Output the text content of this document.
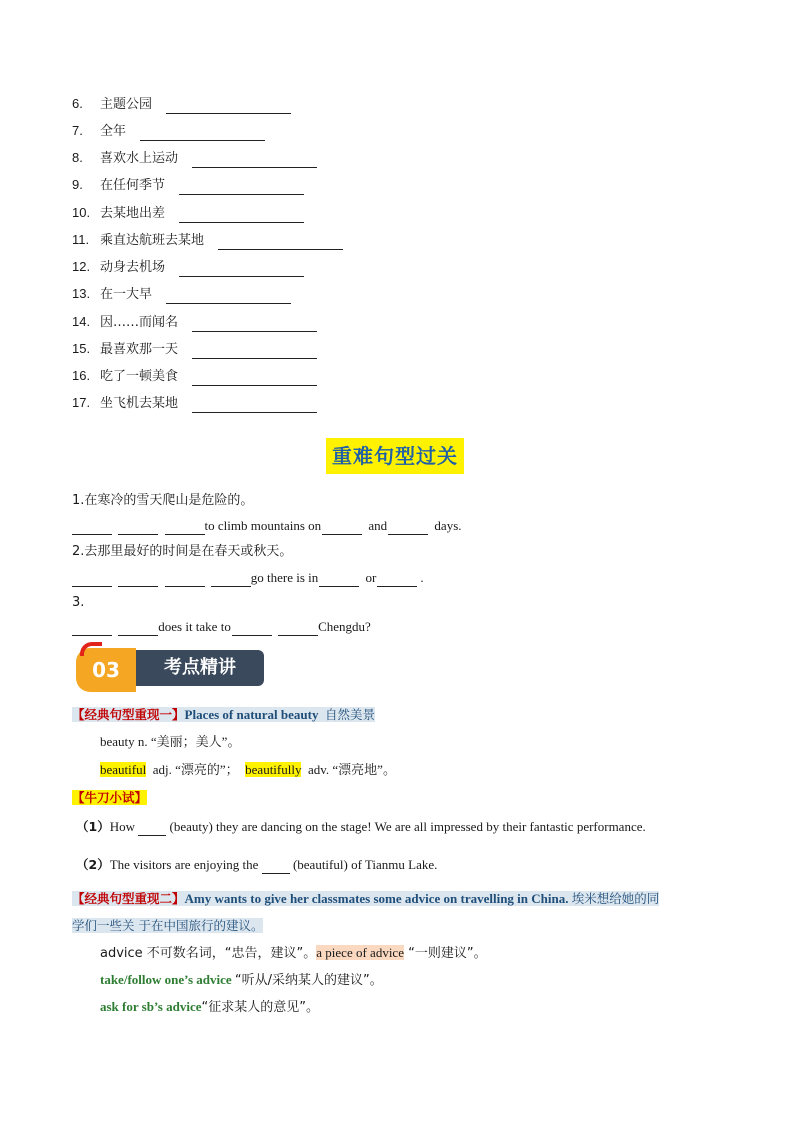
6. 主题公园
7. 全年
8. 喜欢水上运动
9. 在任何季节
10. 去某地出差
11. 乘直达航班去某地
12. 动身去机场
13. 在一大早
14. 因……而闻名
15. 最喜欢那一天
16. 吃了一顿美食
17. 坐飞机去某地
重难句型过关
1.在寒冷的雪天爬山是危险的。
to climb mountains on	and	days.
2.去那里最好的时间是在春天或秋天。
go there is in	or	.
3.
does it take to	Chengdu?
03	考点精讲
【经典句型重现一】Places of natural beauty 自然美景
beauty n. “美丽；美人”。
beautiful adj. “漂亮的”； beautifully adv. “漂亮地”。
【牛刀小试】
（1）How	(beauty) they are dancing on the stage! We are all impressed by their fantastic performance.
（2）The visitors are enjoying the	(beautiful) of Tianmu Lake.
【经典句型重现二】Amy wants to give her classmates some advice on travelling in China. 埃米想给她的同
学们一些关 于在中国旅行的建议。
advice 不可数名词，“忠告，建议”。a piece of advice “一则建议”。
take/follow one’s advice “听从/采纳某人的建议”。
ask for sb’s advice“征求某人的意见”。
